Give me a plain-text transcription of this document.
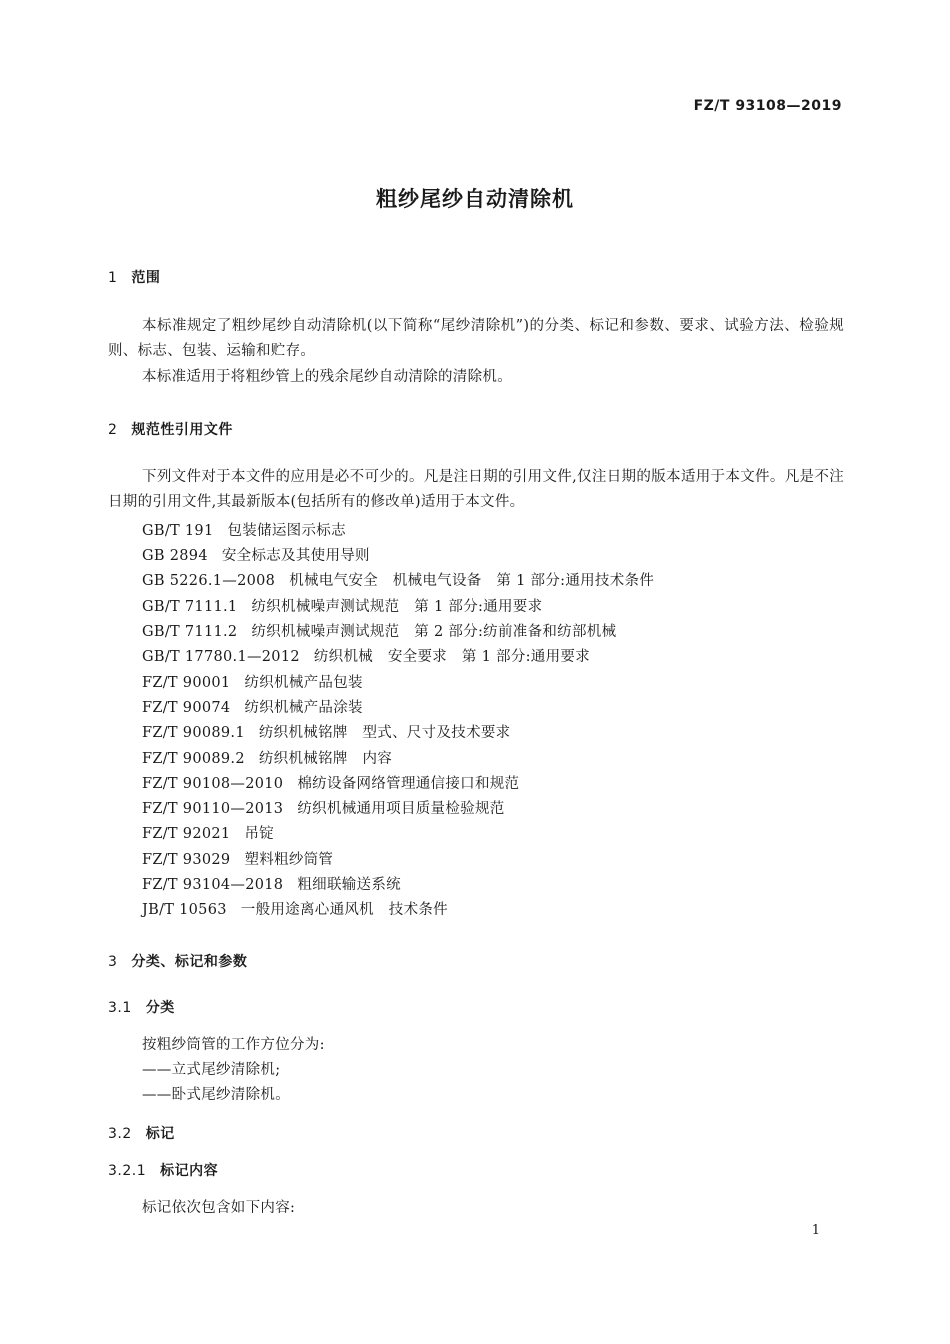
FZ/T 93108—2019
粗纱尾纱自动清除机
1 范围
本标准规定了粗纱尾纱自动清除机(以下简称“尾纱清除机”)的分类、标记和参数、要求、试验方法、检验规则、标志、包装、运输和贮存。
本标准适用于将粗纱管上的残余尾纱自动清除的清除机。
2 规范性引用文件
下列文件对于本文件的应用是必不可少的。凡是注日期的引用文件,仅注日期的版本适用于本文件。凡是不注日期的引用文件,其最新版本(包括所有的修改单)适用于本文件。
GB/T 191 包装储运图示标志
GB 2894 安全标志及其使用导则
GB 5226.1—2008 机械电气安全　机械电气设备　第 1 部分:通用技术条件
GB/T 7111.1 纺织机械噪声测试规范　第 1 部分:通用要求
GB/T 7111.2 纺织机械噪声测试规范　第 2 部分:纺前准备和纺部机械
GB/T 17780.1—2012 纺织机械　安全要求　第 1 部分:通用要求
FZ/T 90001 纺织机械产品包装
FZ/T 90074 纺织机械产品涂装
FZ/T 90089.1 纺织机械铭牌　型式、尺寸及技术要求
FZ/T 90089.2 纺织机械铭牌　内容
FZ/T 90108—2010 棉纺设备网络管理通信接口和规范
FZ/T 90110—2013 纺织机械通用项目质量检验规范
FZ/T 92021 吊锭
FZ/T 93029 塑料粗纱筒管
FZ/T 93104—2018 粗细联输送系统
JB/T 10563 一般用途离心通风机　技术条件
3 分类、标记和参数
3.1 分类
按粗纱筒管的工作方位分为:
——立式尾纱清除机;
——卧式尾纱清除机。
3.2 标记
3.2.1 标记内容
标记依次包含如下内容:
1
